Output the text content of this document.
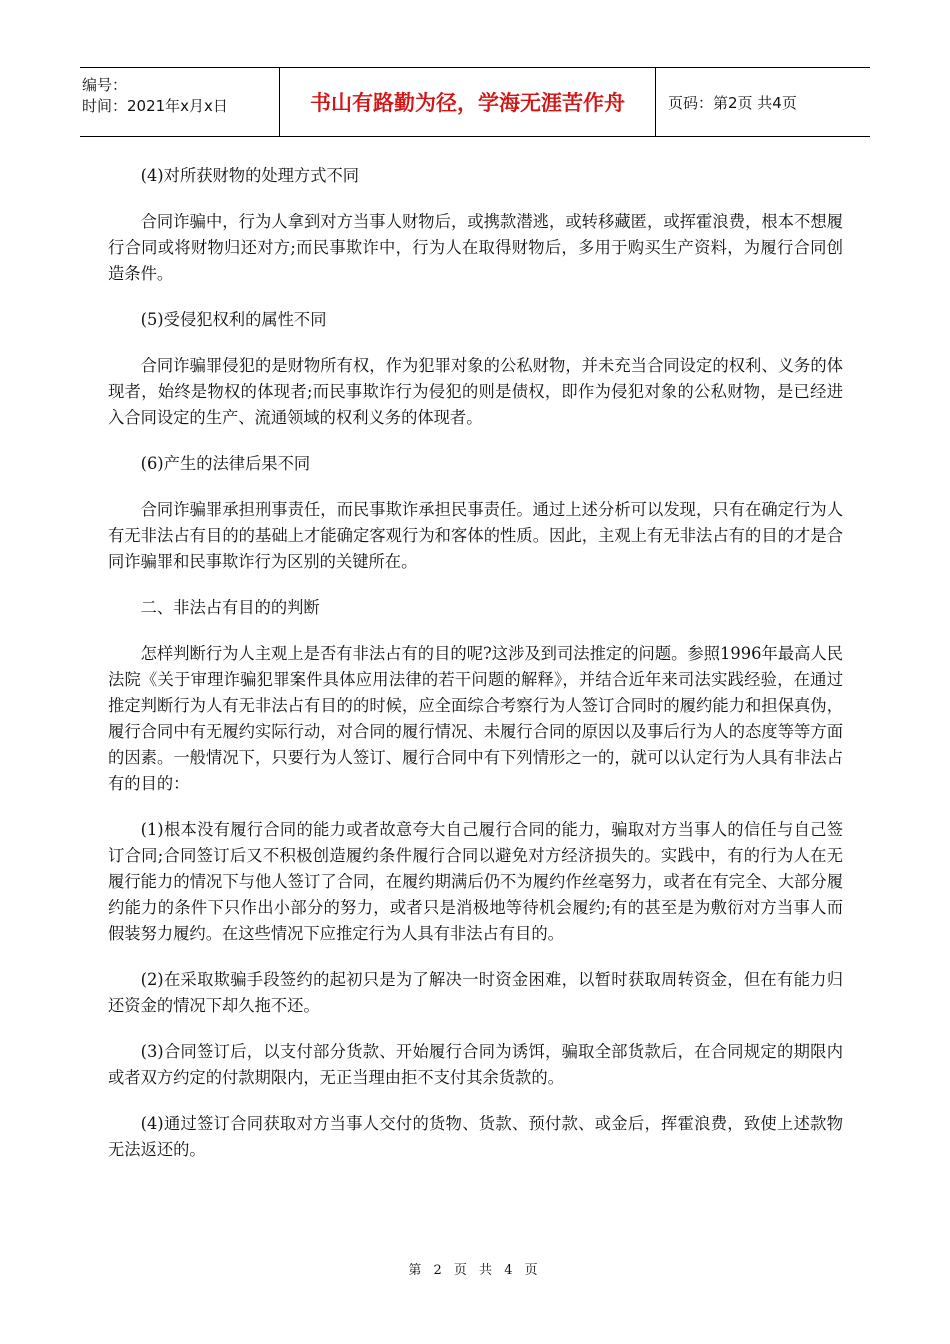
编号：
时间：2021年x月x日	书山有路勤为径，学海无涯苦作舟	页码：第2页 共4页

(4)对所获财物的处理方式不同

合同诈骗中，行为人拿到对方当事人财物后，或携款潜逃，或转移藏匿，或挥霍浪费，根本不想履行合同或将财物归还对方;而民事欺诈中，行为人在取得财物后，多用于购买生产资料，为履行合同创造条件。

(5)受侵犯权利的属性不同

合同诈骗罪侵犯的是财物所有权，作为犯罪对象的公私财物，并未充当合同设定的权利、义务的体现者，始终是物权的体现者;而民事欺诈行为侵犯的则是债权，即作为侵犯对象的公私财物，是已经进入合同设定的生产、流通领域的权利义务的体现者。

(6)产生的法律后果不同

合同诈骗罪承担刑事责任，而民事欺诈承担民事责任。通过上述分析可以发现，只有在确定行为人有无非法占有目的的基础上才能确定客观行为和客体的性质。因此，主观上有无非法占有的目的才是合同诈骗罪和民事欺诈行为区别的关键所在。

二、非法占有目的的判断

怎样判断行为人主观上是否有非法占有的目的呢?这涉及到司法推定的问题。参照1996年最高人民法院《关于审理诈骗犯罪案件具体应用法律的若干问题的解释》，并结合近年来司法实践经验，在通过推定判断行为人有无非法占有目的的时候，应全面综合考察行为人签订合同时的履约能力和担保真伪，履行合同中有无履约实际行动，对合同的履行情况、未履行合同的原因以及事后行为人的态度等等方面的因素。一般情况下，只要行为人签订、履行合同中有下列情形之一的，就可以认定行为人具有非法占有的目的：

(1)根本没有履行合同的能力或者故意夸大自己履行合同的能力，骗取对方当事人的信任与自己签订合同;合同签订后又不积极创造履约条件履行合同以避免对方经济损失的。实践中，有的行为人在无履行能力的情况下与他人签订了合同，在履约期满后仍不为履约作丝毫努力，或者在有完全、大部分履约能力的条件下只作出小部分的努力，或者只是消极地等待机会履约;有的甚至是为敷衍对方当事人而假装努力履约。在这些情况下应推定行为人具有非法占有目的。

(2)在采取欺骗手段签约的起初只是为了解决一时资金困难，以暂时获取周转资金，但在有能力归还资金的情况下却久拖不还。

(3)合同签订后，以支付部分货款、开始履行合同为诱饵，骗取全部货款后，在合同规定的期限内或者双方约定的付款期限内，无正当理由拒不支付其余货款的。

(4)通过签订合同获取对方当事人交付的货物、货款、预付款、或金后，挥霍浪费，致使上述款物无法返还的。

第 2 页 共 4 页
